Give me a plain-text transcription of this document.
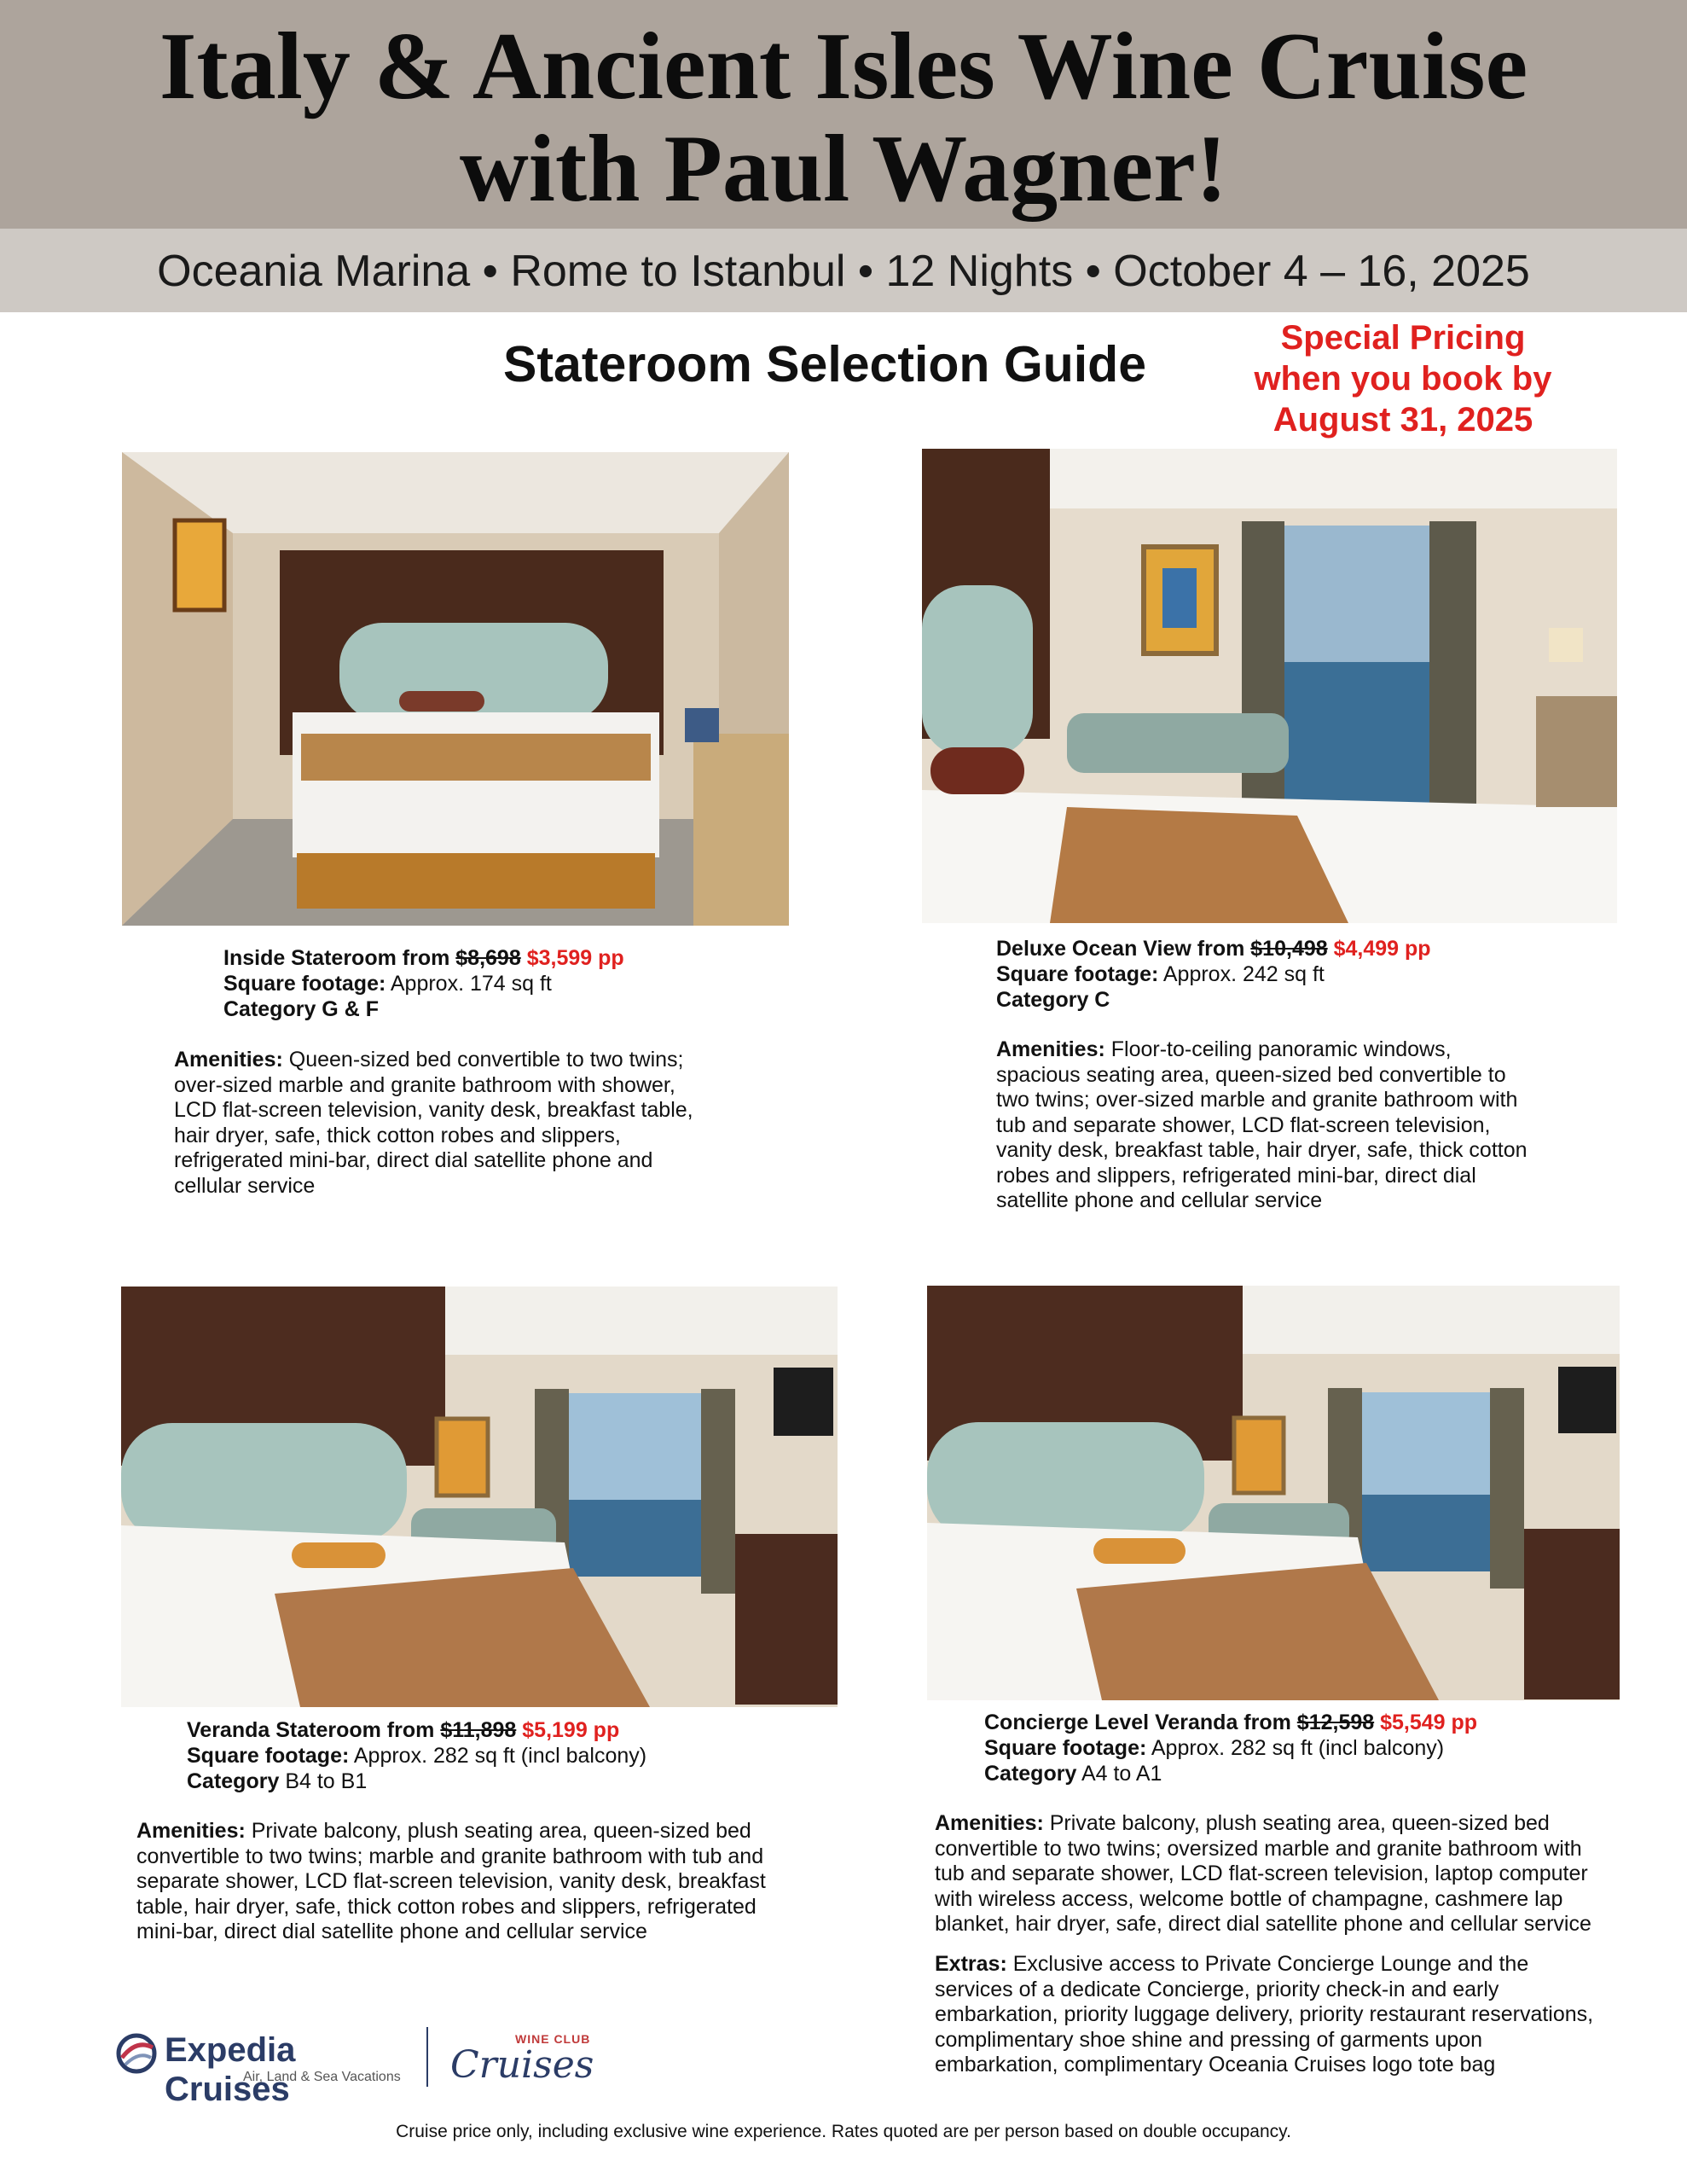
Italy & Ancient Isles Wine Cruise
with Paul Wagner!
Oceania Marina • Rome to Istanbul • 12 Nights • October 4 – 16, 2025
Stateroom Selection Guide	Special Pricing
when you book by
August 31, 2025
Inside Stateroom from $8,698 $3,599 pp
Square footage: Approx. 174 sq ft
Category G & F
Amenities: Queen-sized bed convertible to two twins;
over-sized marble and granite bathroom with shower,
LCD flat-screen television, vanity desk, breakfast table,
hair dryer, safe, thick cotton robes and slippers,
refrigerated mini-bar, direct dial satellite phone and
cellular service
Deluxe Ocean View from $10,498 $4,499 pp
Square footage: Approx. 242 sq ft
Category C
Amenities: Floor-to-ceiling panoramic windows,
spacious seating area, queen-sized bed convertible to
two twins; over-sized marble and granite bathroom with
tub and separate shower, LCD flat-screen television,
vanity desk, breakfast table, hair dryer, safe, thick cotton
robes and slippers, refrigerated mini-bar, direct dial
satellite phone and cellular service
Veranda Stateroom from $11,898 $5,199 pp
Square footage: Approx. 282 sq ft (incl balcony)
Category B4 to B1
Amenities: Private balcony, plush seating area, queen-sized bed
convertible to two twins; marble and granite bathroom with tub and
separate shower, LCD flat-screen television, vanity desk, breakfast
table, hair dryer, safe, thick cotton robes and slippers, refrigerated
mini-bar, direct dial satellite phone and cellular service
Concierge Level Veranda from $12,598 $5,549 pp
Square footage: Approx. 282 sq ft (incl balcony)
Category A4 to A1
Amenities: Private balcony, plush seating area, queen-sized bed
convertible to two twins; oversized marble and granite bathroom with
tub and separate shower, LCD flat-screen television, laptop computer
with wireless access, welcome bottle of champagne, cashmere lap
blanket, hair dryer, safe, direct dial satellite phone and cellular service
Extras: Exclusive access to Private Concierge Lounge and the
services of a dedicate Concierge, priority check-in and early
embarkation, priority luggage delivery, priority restaurant reservations,
complimentary shoe shine and pressing of garments upon
embarkation, complimentary Oceania Cruises logo tote bag
Expedia Cruises
Air, Land & Sea Vacations
WINE CLUB
Cruises
Cruise price only, including exclusive wine experience. Rates quoted are per person based on double occupancy.
